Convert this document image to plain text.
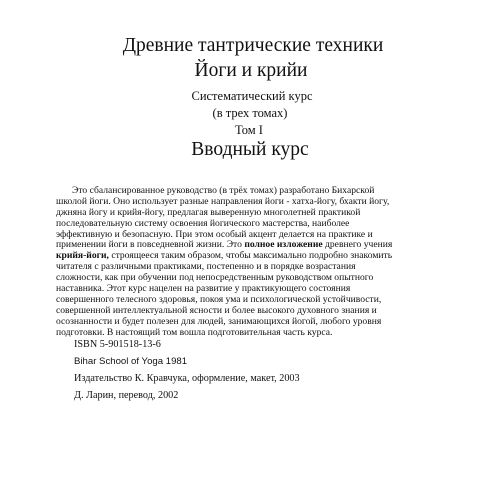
Древние тантрические техники
Йоги и крийи
Систематический курс
(в трех томах)
Том I
Вводный курс
Это сбалансированное руководство (в трёх томах) разработано Бихарской
школой йоги. Оно использует разные направления йоги - хатха-йогу, бхакти йогу,
джняна йогу и крийя-йогу, предлагая выверенную многолетней практикой
последовательную систему освоения йогического мастерства, наиболее
эффективную и безопасную. При этом особый акцент делается на практике и
применении йоги в повседневной жизни. Это полное изложение древнего учения
крийя-йоги, строящееся таким образом, чтобы максимально подробно знакомить
читателя с различными практиками, постепенно и в порядке возрастания
сложности, как при обучении под непосредственным руководством опытного
наставника. Этот курс нацелен на развитие у практикующего состояния
совершенного телесного здоровья, покоя ума и психологической устойчивости,
совершенной интеллектуальной ясности и более высокого духовного знания и
осознанности и будет полезен для людей, занимающихся йогой, любого уровня
подготовки. В настоящий том вошла подготовительная часть курса.
ISBN 5-901518-13-6
Bihar School of Yoga 1981
Издательство К. Кравчука, оформление, макет, 2003
Д. Ларин, перевод, 2002
